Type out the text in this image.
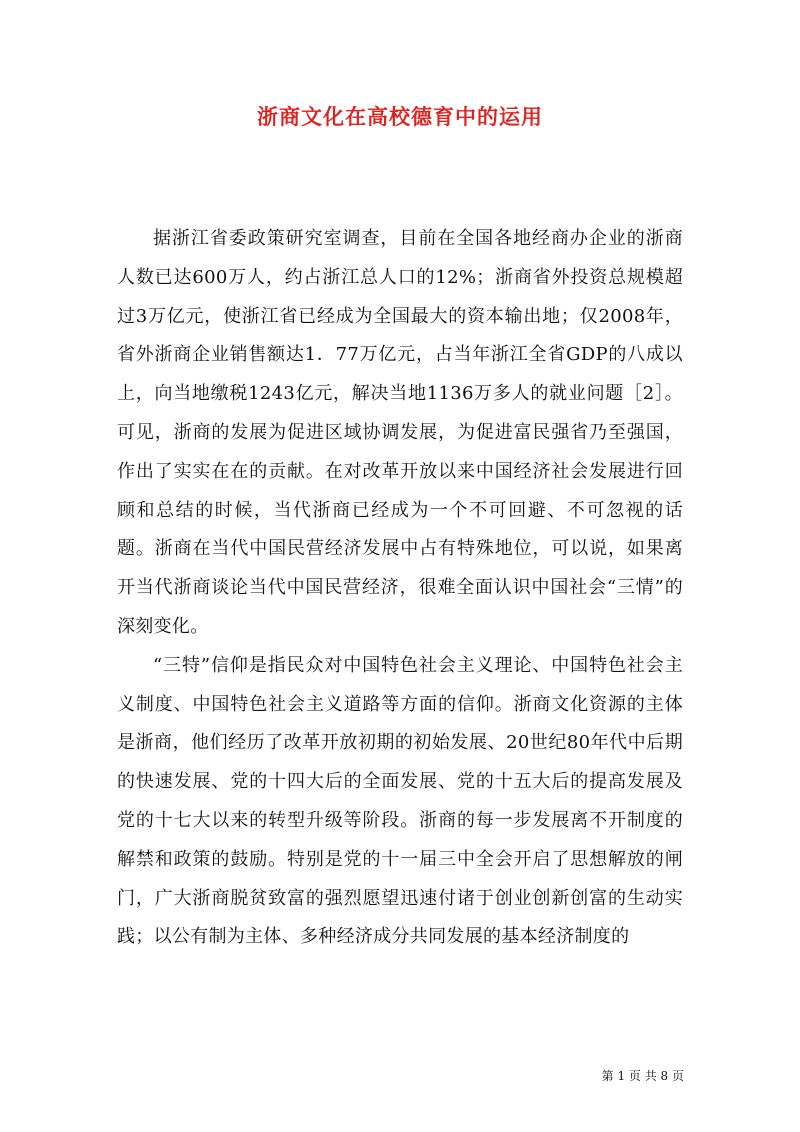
浙商文化在高校德育中的运用

据浙江省委政策研究室调查，目前在全国各地经商办企业的浙商人数已达600万人，约占浙江总人口的12%；浙商省外投资总规模超过3万亿元，使浙江省已经成为全国最大的资本输出地；仅2008年，省外浙商企业销售额达1．77万亿元，占当年浙江全省GDP的八成以上，向当地缴税1243亿元，解决当地1136万多人的就业问题［2］。可见，浙商的发展为促进区域协调发展，为促进富民强省乃至强国，作出了实实在在的贡献。在对改革开放以来中国经济社会发展进行回顾和总结的时候，当代浙商已经成为一个不可回避、不可忽视的话题。浙商在当代中国民营经济发展中占有特殊地位，可以说，如果离开当代浙商谈论当代中国民营经济，很难全面认识中国社会“三情”的深刻变化。

“三特”信仰是指民众对中国特色社会主义理论、中国特色社会主义制度、中国特色社会主义道路等方面的信仰。浙商文化资源的主体是浙商，他们经历了改革开放初期的初始发展、20世纪80年代中后期的快速发展、党的十四大后的全面发展、党的十五大后的提高发展及党的十七大以来的转型升级等阶段。浙商的每一步发展离不开制度的解禁和政策的鼓励。特别是党的十一届三中全会开启了思想解放的闸门，广大浙商脱贫致富的强烈愿望迅速付诸于创业创新创富的生动实践；以公有制为主体、多种经济成分共同发展的基本经济制度的

第 1 页 共 8 页
